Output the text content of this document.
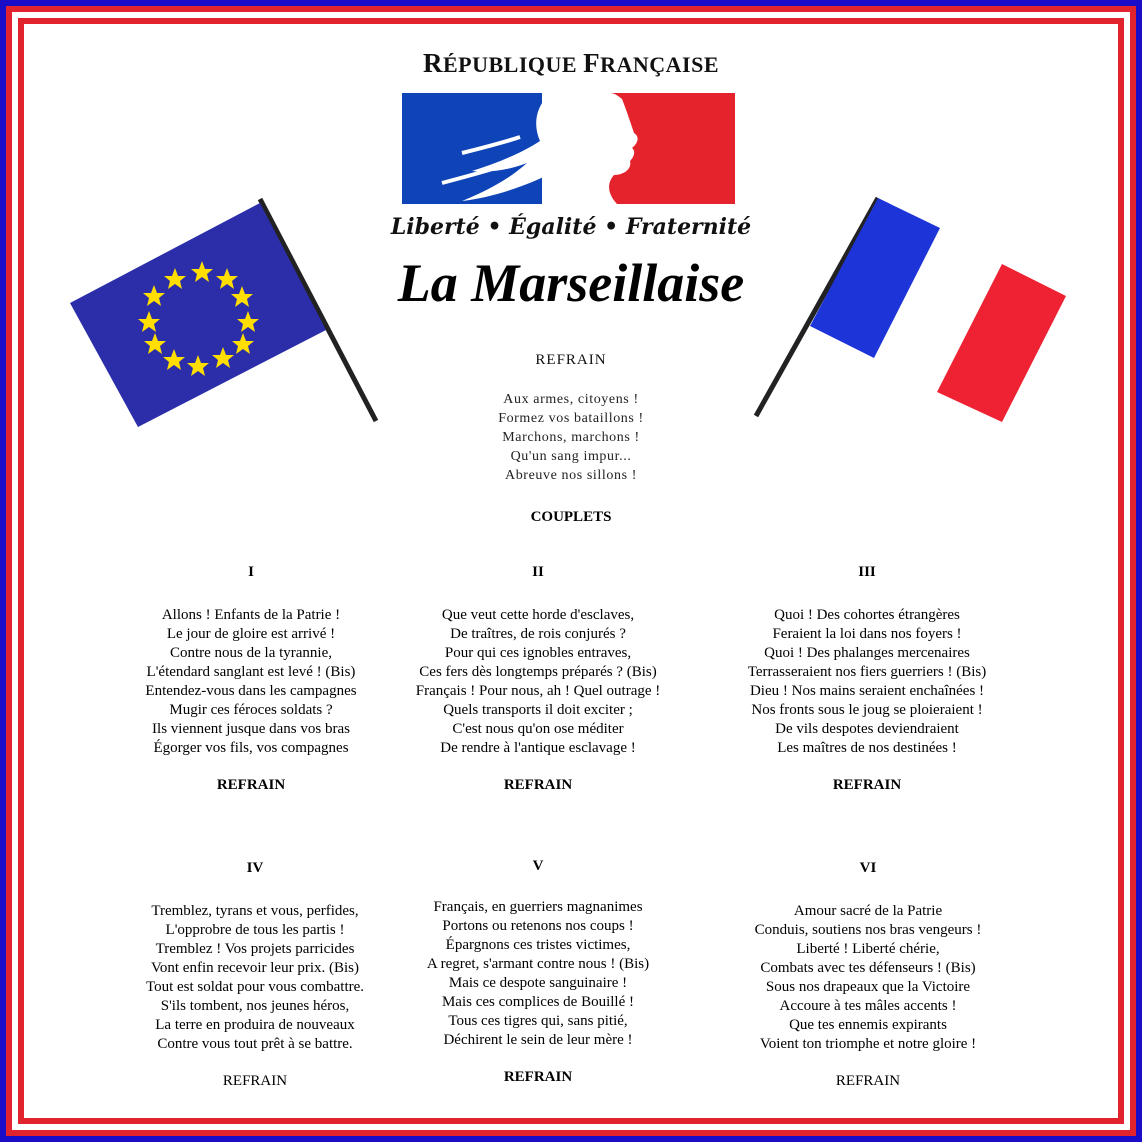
RÉPUBLIQUE FRANÇAISE
Liberté • Égalité • Fraternité
La Marseillaise
REFRAIN
Aux armes, citoyens !
Formez vos bataillons !
Marchons, marchons !
Qu'un sang impur...
Abreuve nos sillons !
COUPLETS
I
Allons ! Enfants de la Patrie !
Le jour de gloire est arrivé !
Contre nous de la tyrannie,
L'étendard sanglant est levé ! (Bis)
Entendez-vous dans les campagnes
Mugir ces féroces soldats ?
Ils viennent jusque dans vos bras
Égorger vos fils, vos compagnes
REFRAIN
II
Que veut cette horde d'esclaves,
De traîtres, de rois conjurés ?
Pour qui ces ignobles entraves,
Ces fers dès longtemps préparés ? (Bis)
Français ! Pour nous, ah ! Quel outrage !
Quels transports il doit exciter ;
C'est nous qu'on ose méditer
De rendre à l'antique esclavage !
REFRAIN
III
Quoi ! Des cohortes étrangères
Feraient la loi dans nos foyers !
Quoi ! Des phalanges mercenaires
Terrasseraient nos fiers guerriers ! (Bis)
Dieu ! Nos mains seraient enchaînées !
Nos fronts sous le joug se ploieraient !
De vils despotes deviendraient
Les maîtres de nos destinées !
REFRAIN
IV
Tremblez, tyrans et vous, perfides,
L'opprobre de tous les partis !
Tremblez ! Vos projets parricides
Vont enfin recevoir leur prix. (Bis)
Tout est soldat pour vous combattre.
S'ils tombent, nos jeunes héros,
La terre en produira de nouveaux
Contre vous tout prêt à se battre.
REFRAIN
V
Français, en guerriers magnanimes
Portons ou retenons nos coups !
Épargnons ces tristes victimes,
A regret, s'armant contre nous ! (Bis)
Mais ce despote sanguinaire !
Mais ces complices de Bouillé !
Tous ces tigres qui, sans pitié,
Déchirent le sein de leur mère !
REFRAIN
VI
Amour sacré de la Patrie
Conduis, soutiens nos bras vengeurs !
Liberté ! Liberté chérie,
Combats avec tes défenseurs ! (Bis)
Sous nos drapeaux que la Victoire
Accoure à tes mâles accents !
Que tes ennemis expirants
Voient ton triomphe et notre gloire !
REFRAIN
